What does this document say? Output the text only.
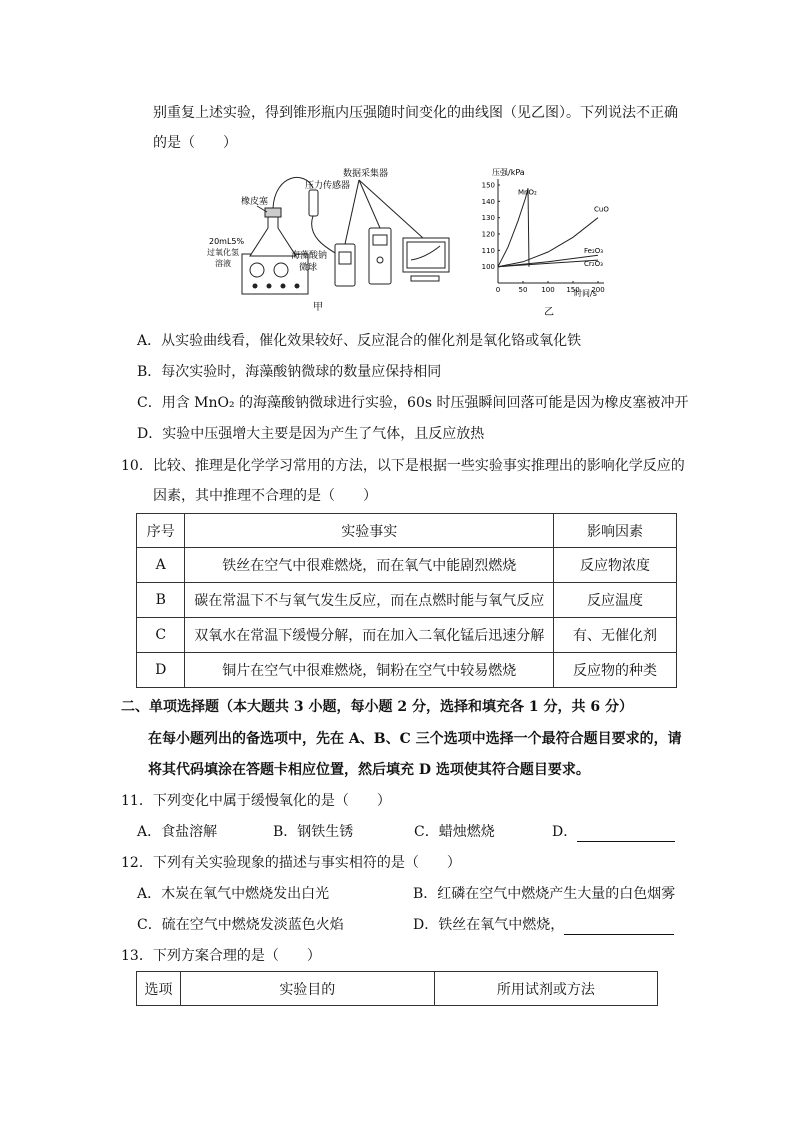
别重复上述实验，得到锥形瓶内压强随时间变化的曲线图（见乙图）。下列说法不正确
的是（　　）
橡皮塞
压力传感器
数据采集器
20mL5%
过氧化氢
溶液
海藻酸钠
微球
甲
0	50 100 150 200
100
110
120
130
140
150
MnO₂
CuO
Fe₂O₃
Cr₂O₃
压强/kPa
时间/s
乙
A．从实验曲线看，催化效果较好、反应混合的催化剂是氧化铬或氧化铁
B．每次实验时，海藻酸钠微球的数量应保持相同
C．用含 MnO₂ 的海藻酸钠微球进行实验，60s 时压强瞬间回落可能是因为橡皮塞被冲开
D．实验中压强增大主要是因为产生了气体，且反应放热
10．比较、推理是化学学习常用的方法，以下是根据一些实验事实推理出的影响化学反应的
因素，其中推理不合理的是（　　）
序号	实验事实	影响因素
A	铁丝在空气中很难燃烧，而在氧气中能剧烈燃烧	反应物浓度
B	碳在常温下不与氧气发生反应，而在点燃时能与氧气反应	反应温度
C	双氧水在常温下缓慢分解，而在加入二氧化锰后迅速分解	有、无催化剂
D	铜片在空气中很难燃烧，铜粉在空气中较易燃烧	反应物的种类
二、单项选择题（本大题共 3 小题，每小题 2 分，选择和填充各 1 分，共 6 分）
在每小题列出的备选项中，先在 A、B、C 三个选项中选择一个最符合题目要求的，请
将其代码填涂在答题卡相应位置，然后填充 D 选项使其符合题目要求。
11．下列变化中属于缓慢氧化的是（　　）
A．食盐溶解	B．钢铁生锈	C．蜡烛燃烧	D．
12．下列有关实验现象的描述与事实相符的是（　　）
A．木炭在氧气中燃烧发出白光	B．红磷在空气中燃烧产生大量的白色烟雾
C．硫在空气中燃烧发淡蓝色火焰	D．铁丝在氧气中燃烧，
13．下列方案合理的是（　　）
选项	实验目的	所用试剂或方法
